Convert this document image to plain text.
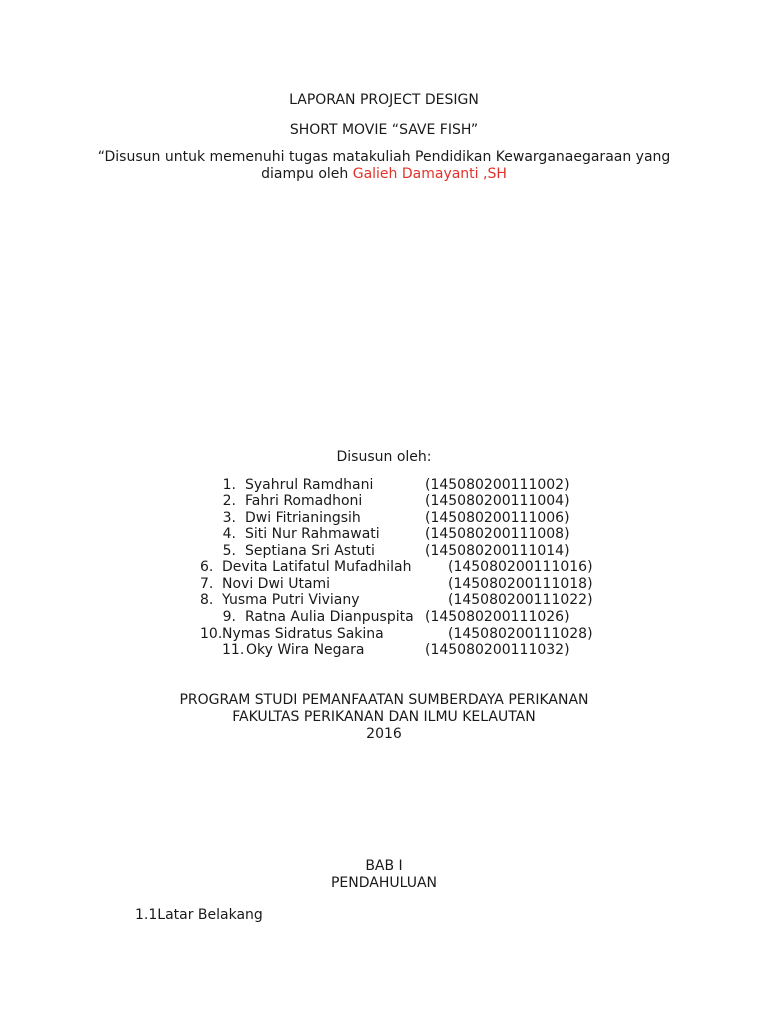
LAPORAN PROJECT DESIGN
SHORT MOVIE “SAVE FISH”
“Disusun untuk memenuhi tugas matakuliah Pendidikan Kewarganaegaraan yang
diampu oleh Galieh Damayanti ,SH
Disusun oleh:
1. Syahrul Ramdhani	(145080200111002)
2. Fahri Romadhoni	(145080200111004)
3. Dwi Fitrianingsih	(145080200111006)
4. Siti Nur Rahmawati	(145080200111008)
5. Septiana Sri Astuti	(145080200111014)
6. Devita Latifatul Mufadhilah	(145080200111016)
7. Novi Dwi Utami	(145080200111018)
8. Yusma Putri Viviany	(145080200111022)
9. Ratna Aulia Dianpuspita (145080200111026)
10. Nymas Sidratus Sakina	(145080200111028)
11. Oky Wira Negara	(145080200111032)
PROGRAM STUDI PEMANFAATAN SUMBERDAYA PERIKANAN
FAKULTAS PERIKANAN DAN ILMU KELAUTAN
2016
BAB I
PENDAHULUAN
1.1Latar Belakang
